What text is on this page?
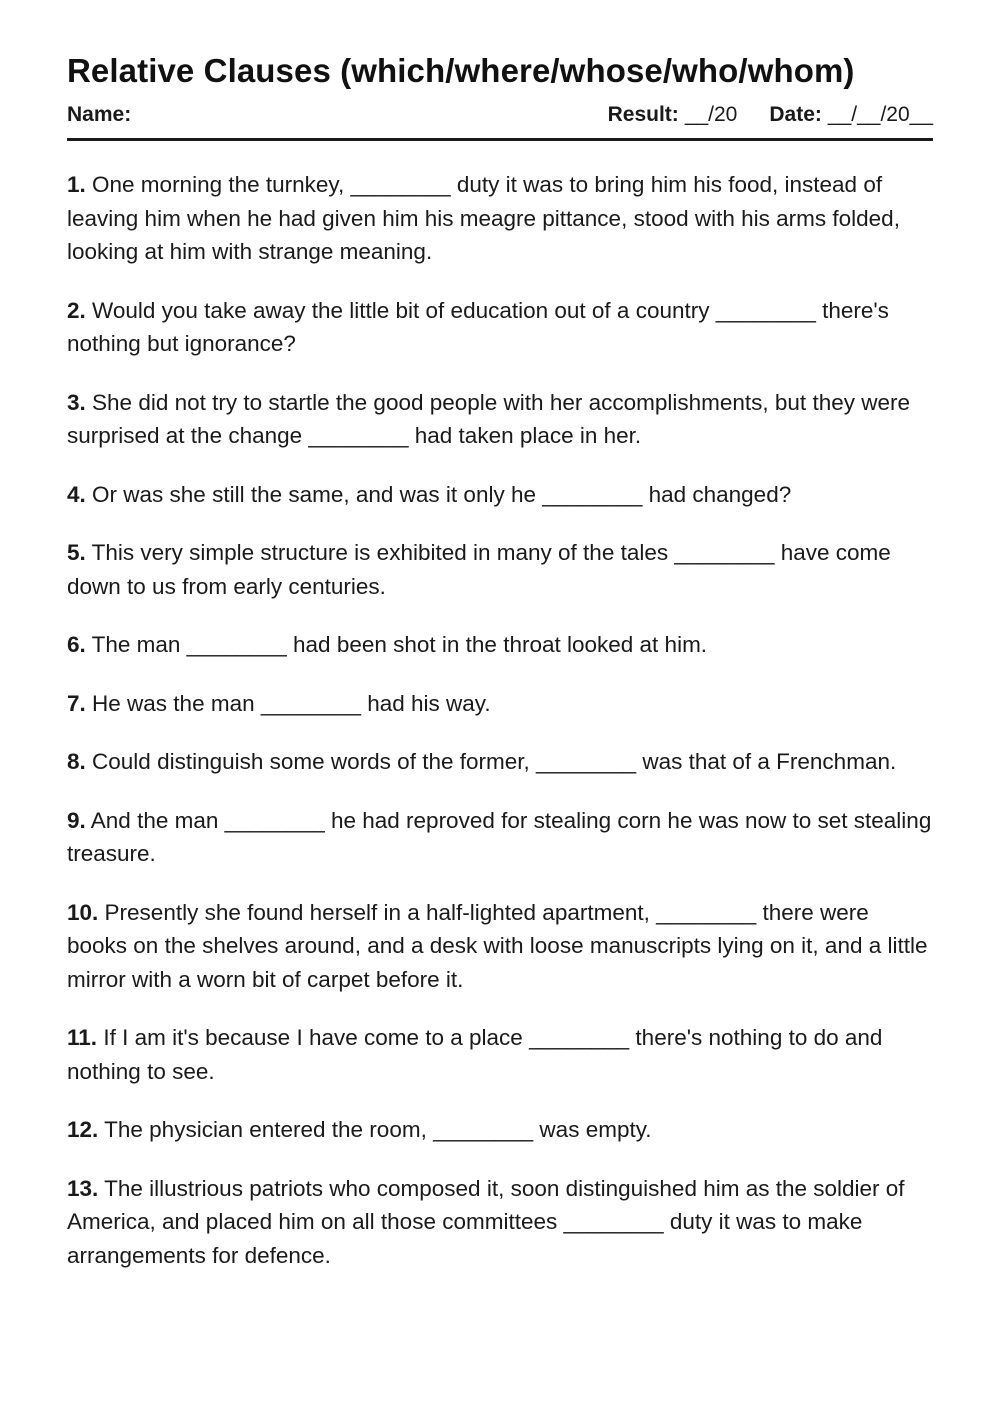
Relative Clauses (which/where/whose/who/whom)
Name:	Result: __/20 Date: __/__/20__

1. One morning the turnkey, ________ duty it was to bring him his food, instead of leaving him when he had given him his meagre pittance, stood with his arms folded, looking at him with strange meaning.

2. Would you take away the little bit of education out of a country ________ there's nothing but ignorance?

3. She did not try to startle the good people with her accomplishments, but they were surprised at the change ________ had taken place in her.

4. Or was she still the same, and was it only he ________ had changed?

5. This very simple structure is exhibited in many of the tales ________ have come down to us from early centuries.

6. The man ________ had been shot in the throat looked at him.

7. He was the man ________ had his way.

8. Could distinguish some words of the former, ________ was that of a Frenchman.

9. And the man ________ he had reproved for stealing corn he was now to set stealing treasure.

10. Presently she found herself in a half-lighted apartment, ________ there were books on the shelves around, and a desk with loose manuscripts lying on it, and a little mirror with a worn bit of carpet before it.

11. If I am it's because I have come to a place ________ there's nothing to do and nothing to see.

12. The physician entered the room, ________ was empty.

13. The illustrious patriots who composed it, soon distinguished him as the soldier of America, and placed him on all those committees ________ duty it was to make arrangements for defence.
